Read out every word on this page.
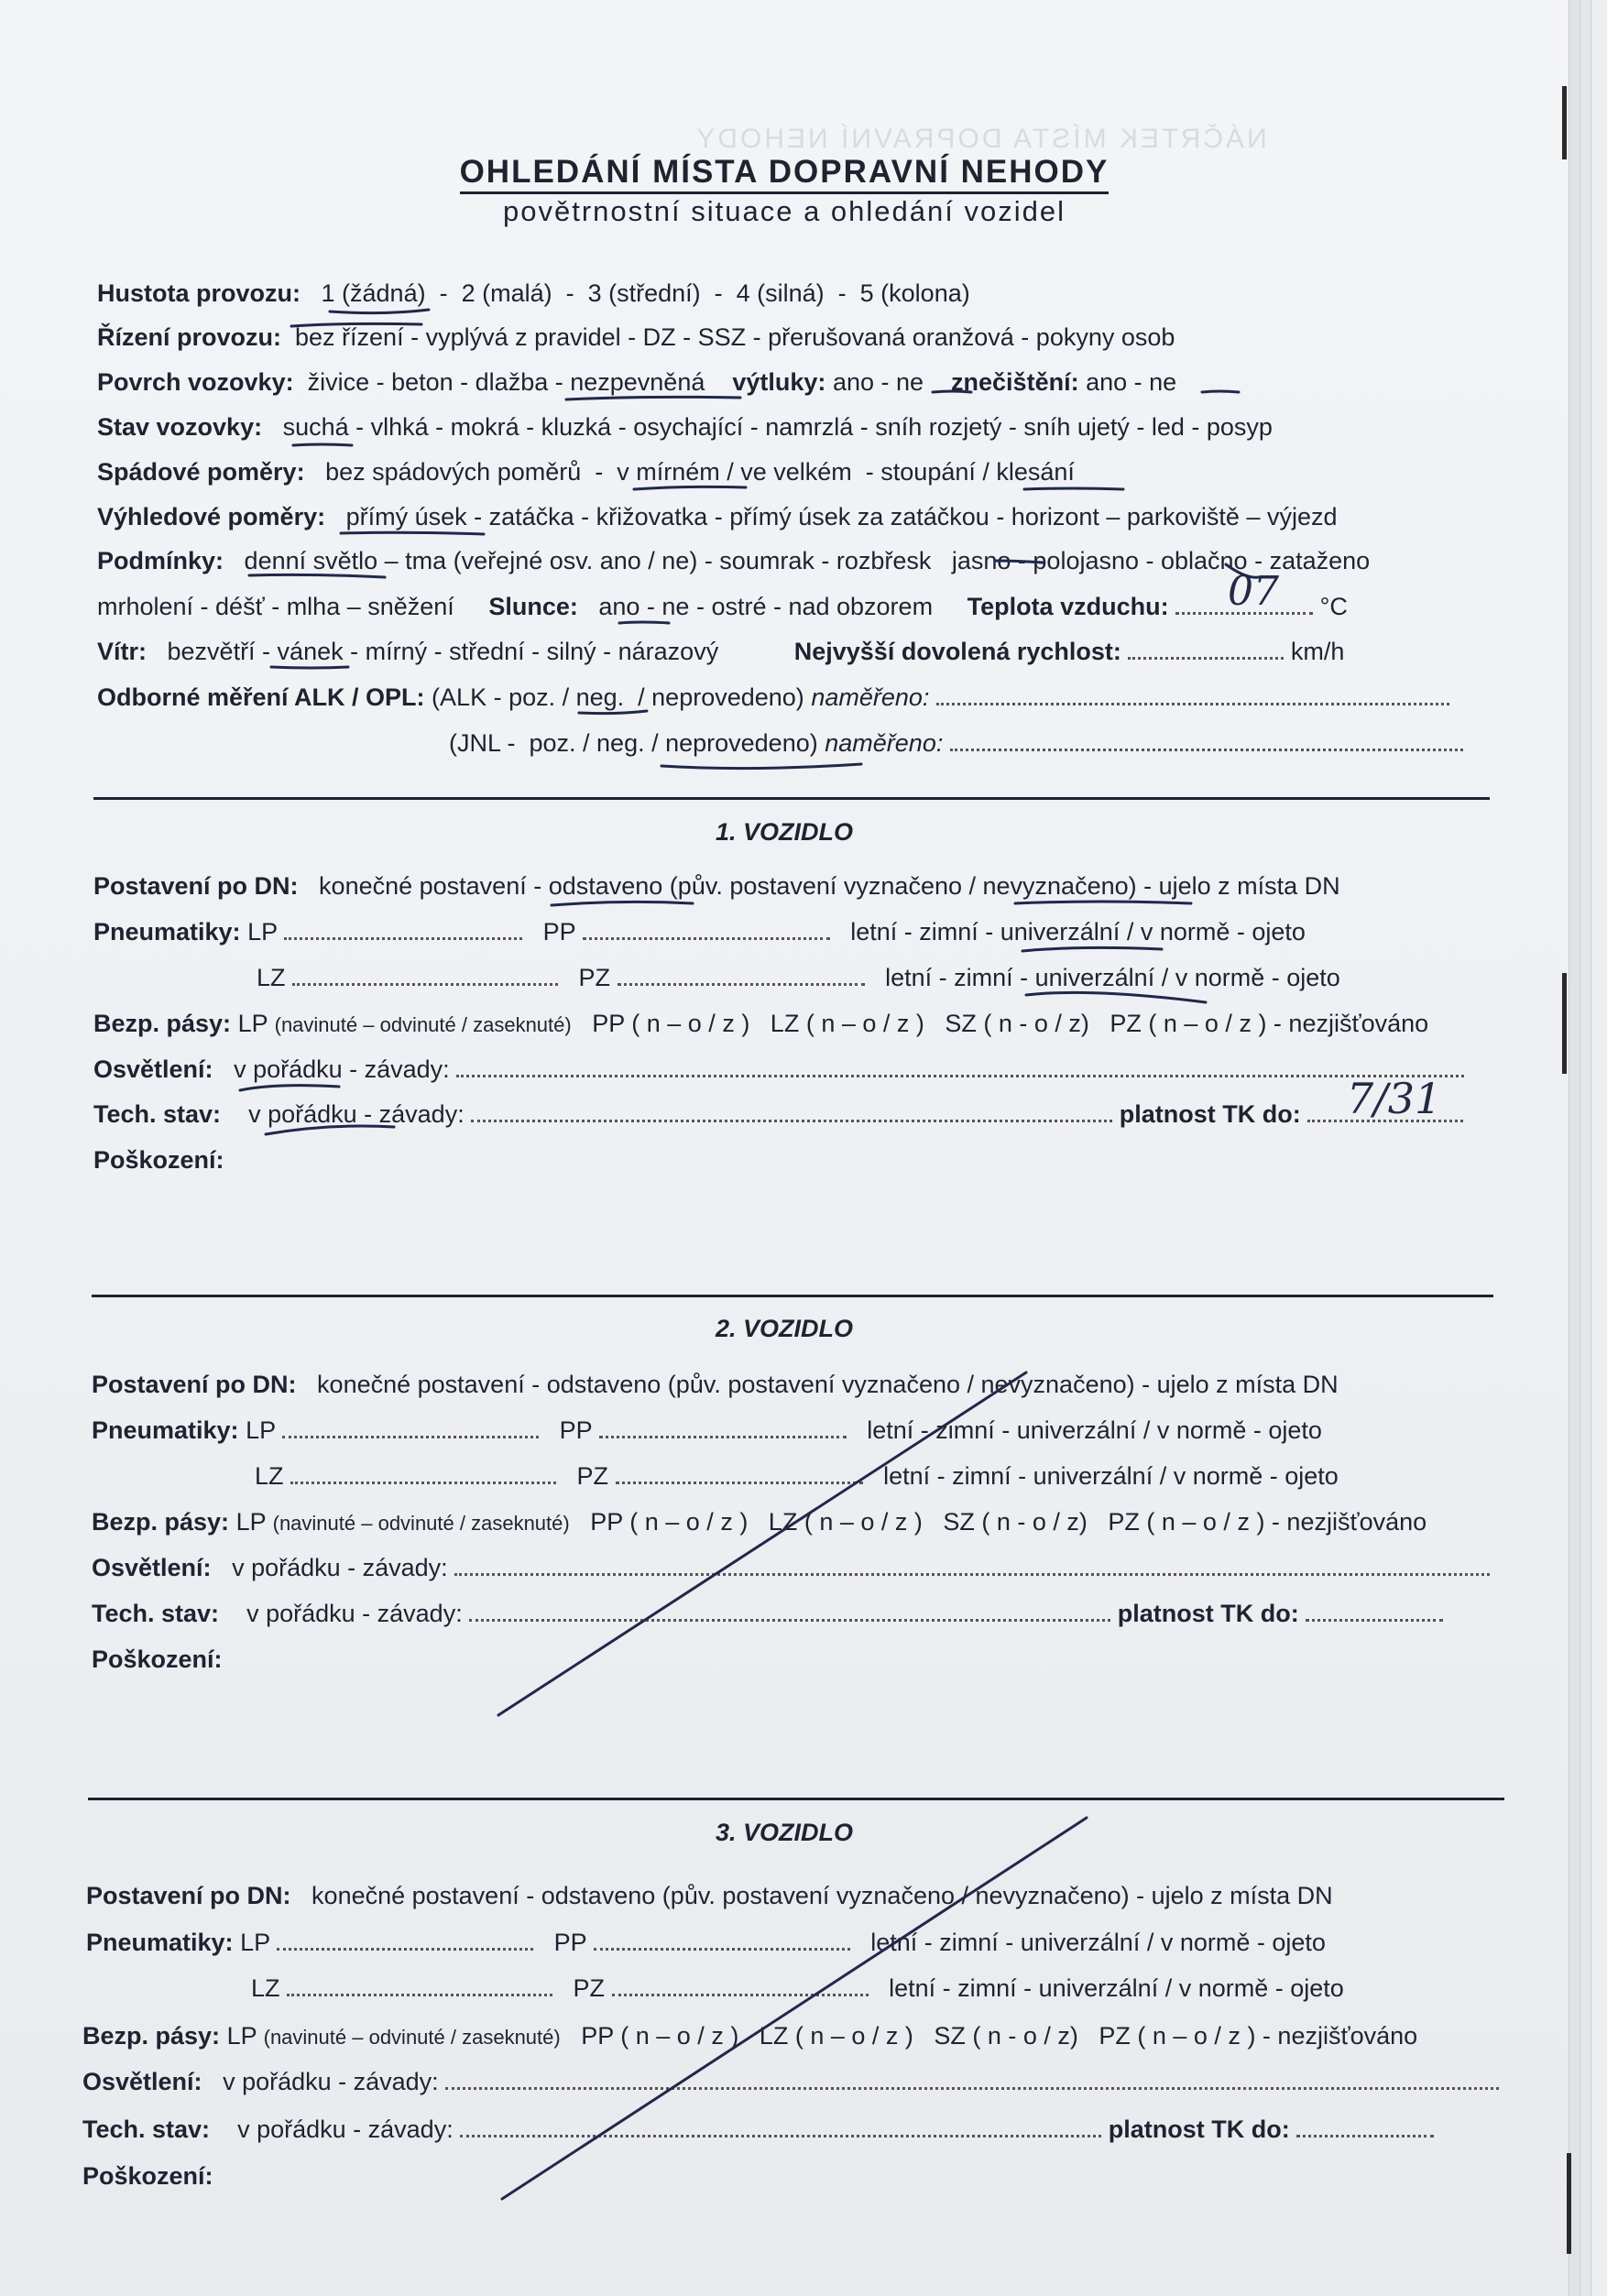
NÁČRTEK MÍSTA DOPRAVNÍ NEHODY
OHLEDÁNÍ MÍSTA DOPRAVNÍ NEHODY
povětrnostní situace a ohledání vozidel
Hustota provozu: 1 (žádná)  -  2 (malá)  -  3 (střední)  -  4 (silná)  -  5 (kolona)
Řízení provozu: bez řízení - vyplývá z pravidel - DZ - SSZ - přerušovaná oranžová - pokyny osob
Povrch vozovky: živice - beton - dlažba - nezpevněná výtluky: ano - ne znečištění: ano - ne
Stav vozovky: suchá - vlhká - mokrá - kluzká - osychající - namrzlá - sníh rozjetý - sníh ujetý - led - posyp
Spádové poměry: bez spádových poměrů  -  v mírném / ve velkém  - stoupání / klesání
Výhledové poměry: přímý úsek - zatáčka - křižovatka - přímý úsek za zatáčkou - horizont – parkoviště – výjezd
Podmínky: denní světlo – tma (veřejné osv. ano / ne) - soumrak - rozbřesk   jasno - polojasno - oblačno - zataženo
mrholení - déšť - mlha – sněžení Slunce: ano - ne - ostré - nad obzorem Teplota vzduchu:	°C
07
Vítr: bezvětří - vánek - mírný - střední - silný - nárazový	Nejvyšší dovolená rychlost:	km/h
Odborné měření ALK / OPL: (ALK - poz. / neg.  / neprovedeno) naměřeno:
(JNL -  poz. / neg. / neprovedeno) naměřeno:
1. VOZIDLO
Postavení po DN: konečné postavení - odstaveno (pův. postavení vyznačeno / nevyznačeno) - ujelo z místa DN
Pneumatiky: LP	PP	letní - zimní - univerzální / v normě - ojeto
LZ	PZ	letní - zimní - univerzální / v normě - ojeto
Bezp. pásy: LP (navinuté – odvinuté / zaseknuté) PP ( n – o / z )   LZ ( n – o / z )   SZ ( n - o / z)   PZ ( n – o / z ) - nezjišťováno
Osvětlení: v pořádku - závady:
Tech. stav: v pořádku - závady:	platnost TK do:	7/31
Poškození:
2. VOZIDLO
Postavení po DN: konečné postavení - odstaveno (pův. postavení vyznačeno / nevyznačeno) - ujelo z místa DN
Pneumatiky: LP	PP	letní - zimní - univerzální / v normě - ojeto
LZ	PZ	letní - zimní - univerzální / v normě - ojeto
Bezp. pásy: LP (navinuté – odvinuté / zaseknuté) PP ( n – o / z )   LZ ( n – o / z )   SZ ( n - o / z)   PZ ( n – o / z ) - nezjišťováno
Osvětlení: v pořádku - závady:
Tech. stav: v pořádku - závady:	platnost TK do:
Poškození:
3. VOZIDLO
Postavení po DN: konečné postavení - odstaveno (pův. postavení vyznačeno / nevyznačeno) - ujelo z místa DN
Pneumatiky: LP	PP	letní - zimní - univerzální / v normě - ojeto
LZ	PZ	letní - zimní - univerzální / v normě - ojeto
Bezp. pásy: LP (navinuté – odvinuté / zaseknuté) PP ( n – o / z )   LZ ( n – o / z )   SZ ( n - o / z)   PZ ( n – o / z ) - nezjišťováno
Osvětlení: v pořádku - závady:
Tech. stav: v pořádku - závady:	platnost TK do:
Poškození:
